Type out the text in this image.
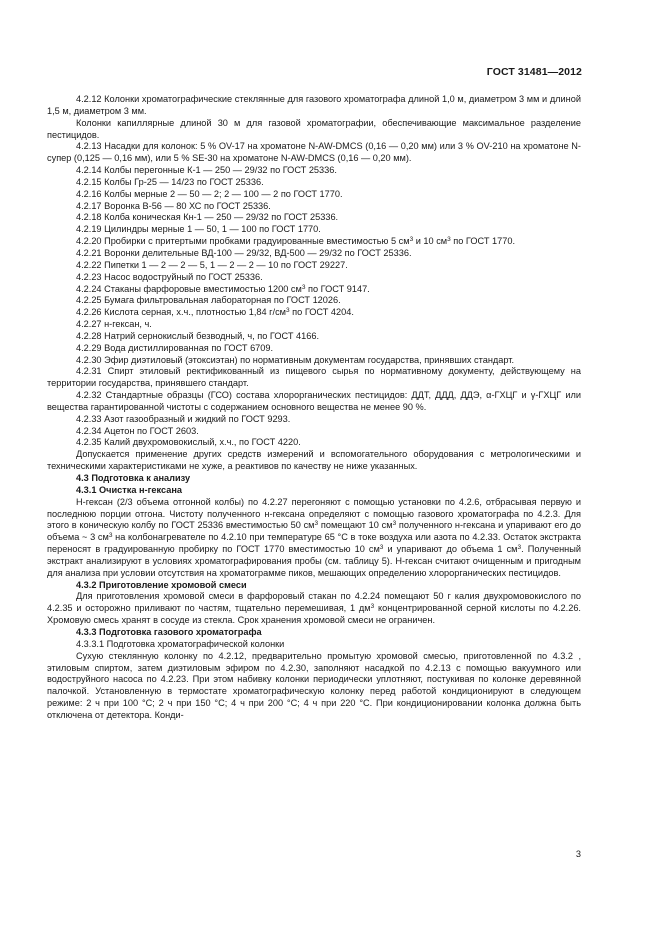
ГОСТ 31481—2012

4.2.12 Колонки хроматографические стеклянные для газового хроматографа длиной 1,0 м, диаметром 3 мм и длиной 1,5 м, диаметром 3 мм.

Колонки капиллярные длиной 30 м для газовой хроматографии, обеспечивающие максимальное разделение пестицидов.

4.2.13 Насадки для колонок: 5 % OV-17 на хроматоне N-AW-DMCS (0,16 — 0,20 мм) или 3 % OV-210 на хроматоне N-супер (0,125 — 0,16 мм), или 5 % SE-30 на хроматоне N-AW-DMCS (0,16 — 0,20 мм).

4.2.14 Колбы перегонные К-1 — 250 — 29/32 по ГОСТ 25336.

4.2.15 Колбы Гр-25 — 14/23 по ГОСТ 25336.

4.2.16 Колбы мерные 2 — 50 — 2; 2 — 100 — 2 по ГОСТ 1770.

4.2.17 Воронка В-56 — 80 ХС по ГОСТ 25336.

4.2.18 Колба коническая Кн-1 — 250 — 29/32 по ГОСТ 25336.

4.2.19 Цилиндры мерные 1 — 50, 1 — 100 по ГОСТ 1770.

4.2.20 Пробирки с притертыми пробками градуированные вместимостью 5 $см^3$ и 10 $см^3$ по ГОСТ 1770.

4.2.21 Воронки делительные ВД-100 — 29/32, ВД-500 — 29/32 по ГОСТ 25336.

4.2.22 Пипетки 1 — 2 — 2 — 5, 1 — 2 — 2 — 10 по ГОСТ 29227.

4.2.23 Насос водоструйный по ГОСТ 25336.

4.2.24 Стаканы фарфоровые вместимостью 1200 $см^3$ по ГОСТ 9147.

4.2.25 Бумага фильтровальная лабораторная по ГОСТ 12026.

4.2.26 Кислота серная, х.ч., плотностью 1,84 $г/см^3$ по ГОСТ 4204.

4.2.27 н-гексан, ч.

4.2.28 Натрий сернокислый безводный, ч, по ГОСТ 4166.

4.2.29 Вода дистиллированная по ГОСТ 6709.

4.2.30 Эфир диэтиловый (этоксиэтан) по нормативным документам государства, принявших стандарт.

4.2.31 Спирт этиловый ректификованный из пищевого сырья по нормативному документу, действующему на территории государства, принявшего стандарт.

4.2.32 Стандартные образцы (ГСО) состава хлорорганических пестицидов: ДДТ, ДДД, ДДЭ, α-ГХЦГ и γ-ГХЦГ или вещества гарантированной чистоты с содержанием основного вещества не менее 90 %.

4.2.33 Азот газообразный и жидкий по ГОСТ 9293.

4.2.34 Ацетон по ГОСТ 2603.

4.2.35 Калий двухромовокислый, х.ч., по ГОСТ 4220.

Допускается применение других средств измерений и вспомогательного оборудования с метрологическими и техническими характеристиками не хуже, а реактивов по качеству не ниже указанных.

4.3 Подготовка к анализу

4.3.1 Очистка н-гексана

Н-гексан (2/3 объема отгонной колбы) по 4.2.27 перегоняют с помощью установки по 4.2.6, отбрасывая первую и последнюю порции отгона. Чистоту полученного н-гексана определяют с помощью газового хроматографа по 4.2.3. Для этого в коническую колбу по ГОСТ 25336 вместимостью 50 $см^3$ помещают 10 $см^3$ полученного н-гексана и упаривают его до объема ~ 3 $см^3$ на колбонагревателе по 4.2.10 при температуре 65 °С в токе воздуха или азота по 4.2.33. Остаток экстракта переносят в градуированную пробирку по ГОСТ 1770 вместимостью 10 $см^3$ и упаривают до объема 1 $см^3$. Полученный экстракт анализируют в условиях хроматографирования пробы (см. таблицу 5). Н-гексан считают очищенным и пригодным для анализа при условии отсутствия на хроматограмме пиков, мешающих определению хлорорганических пестицидов.

4.3.2 Приготовление хромовой смеси

Для приготовления хромовой смеси в фарфоровый стакан по 4.2.24 помещают 50 г калия двухромовокислого по 4.2.35 и осторожно приливают по частям, тщательно перемешивая, 1 $дм^3$ концентрированной серной кислоты по 4.2.26. Хромовую смесь хранят в сосуде из стекла. Срок хранения хромовой смеси не ограничен.

4.3.3 Подготовка газового хроматографа

4.3.3.1 Подготовка хроматографической колонки

Сухую стеклянную колонку по 4.2.12, предварительно промытую хромовой смесью, приготовленной по 4.3.2 , этиловым спиртом, затем диэтиловым эфиром по 4.2.30, заполняют насадкой по 4.2.13 с помощью вакуумного или водоструйного насоса по 4.2.23. При этом набивку колонки периодически уплотняют, постукивая по колонке деревянной палочкой. Установленную в термостате хроматографическую колонку перед работой кондиционируют в следующем режиме: 2 ч при 100 °С; 2 ч при 150 °С; 4 ч при 200 °С; 4 ч при 220 °С. При кондиционировании колонка должна быть отключена от детектора. Конди-

3
